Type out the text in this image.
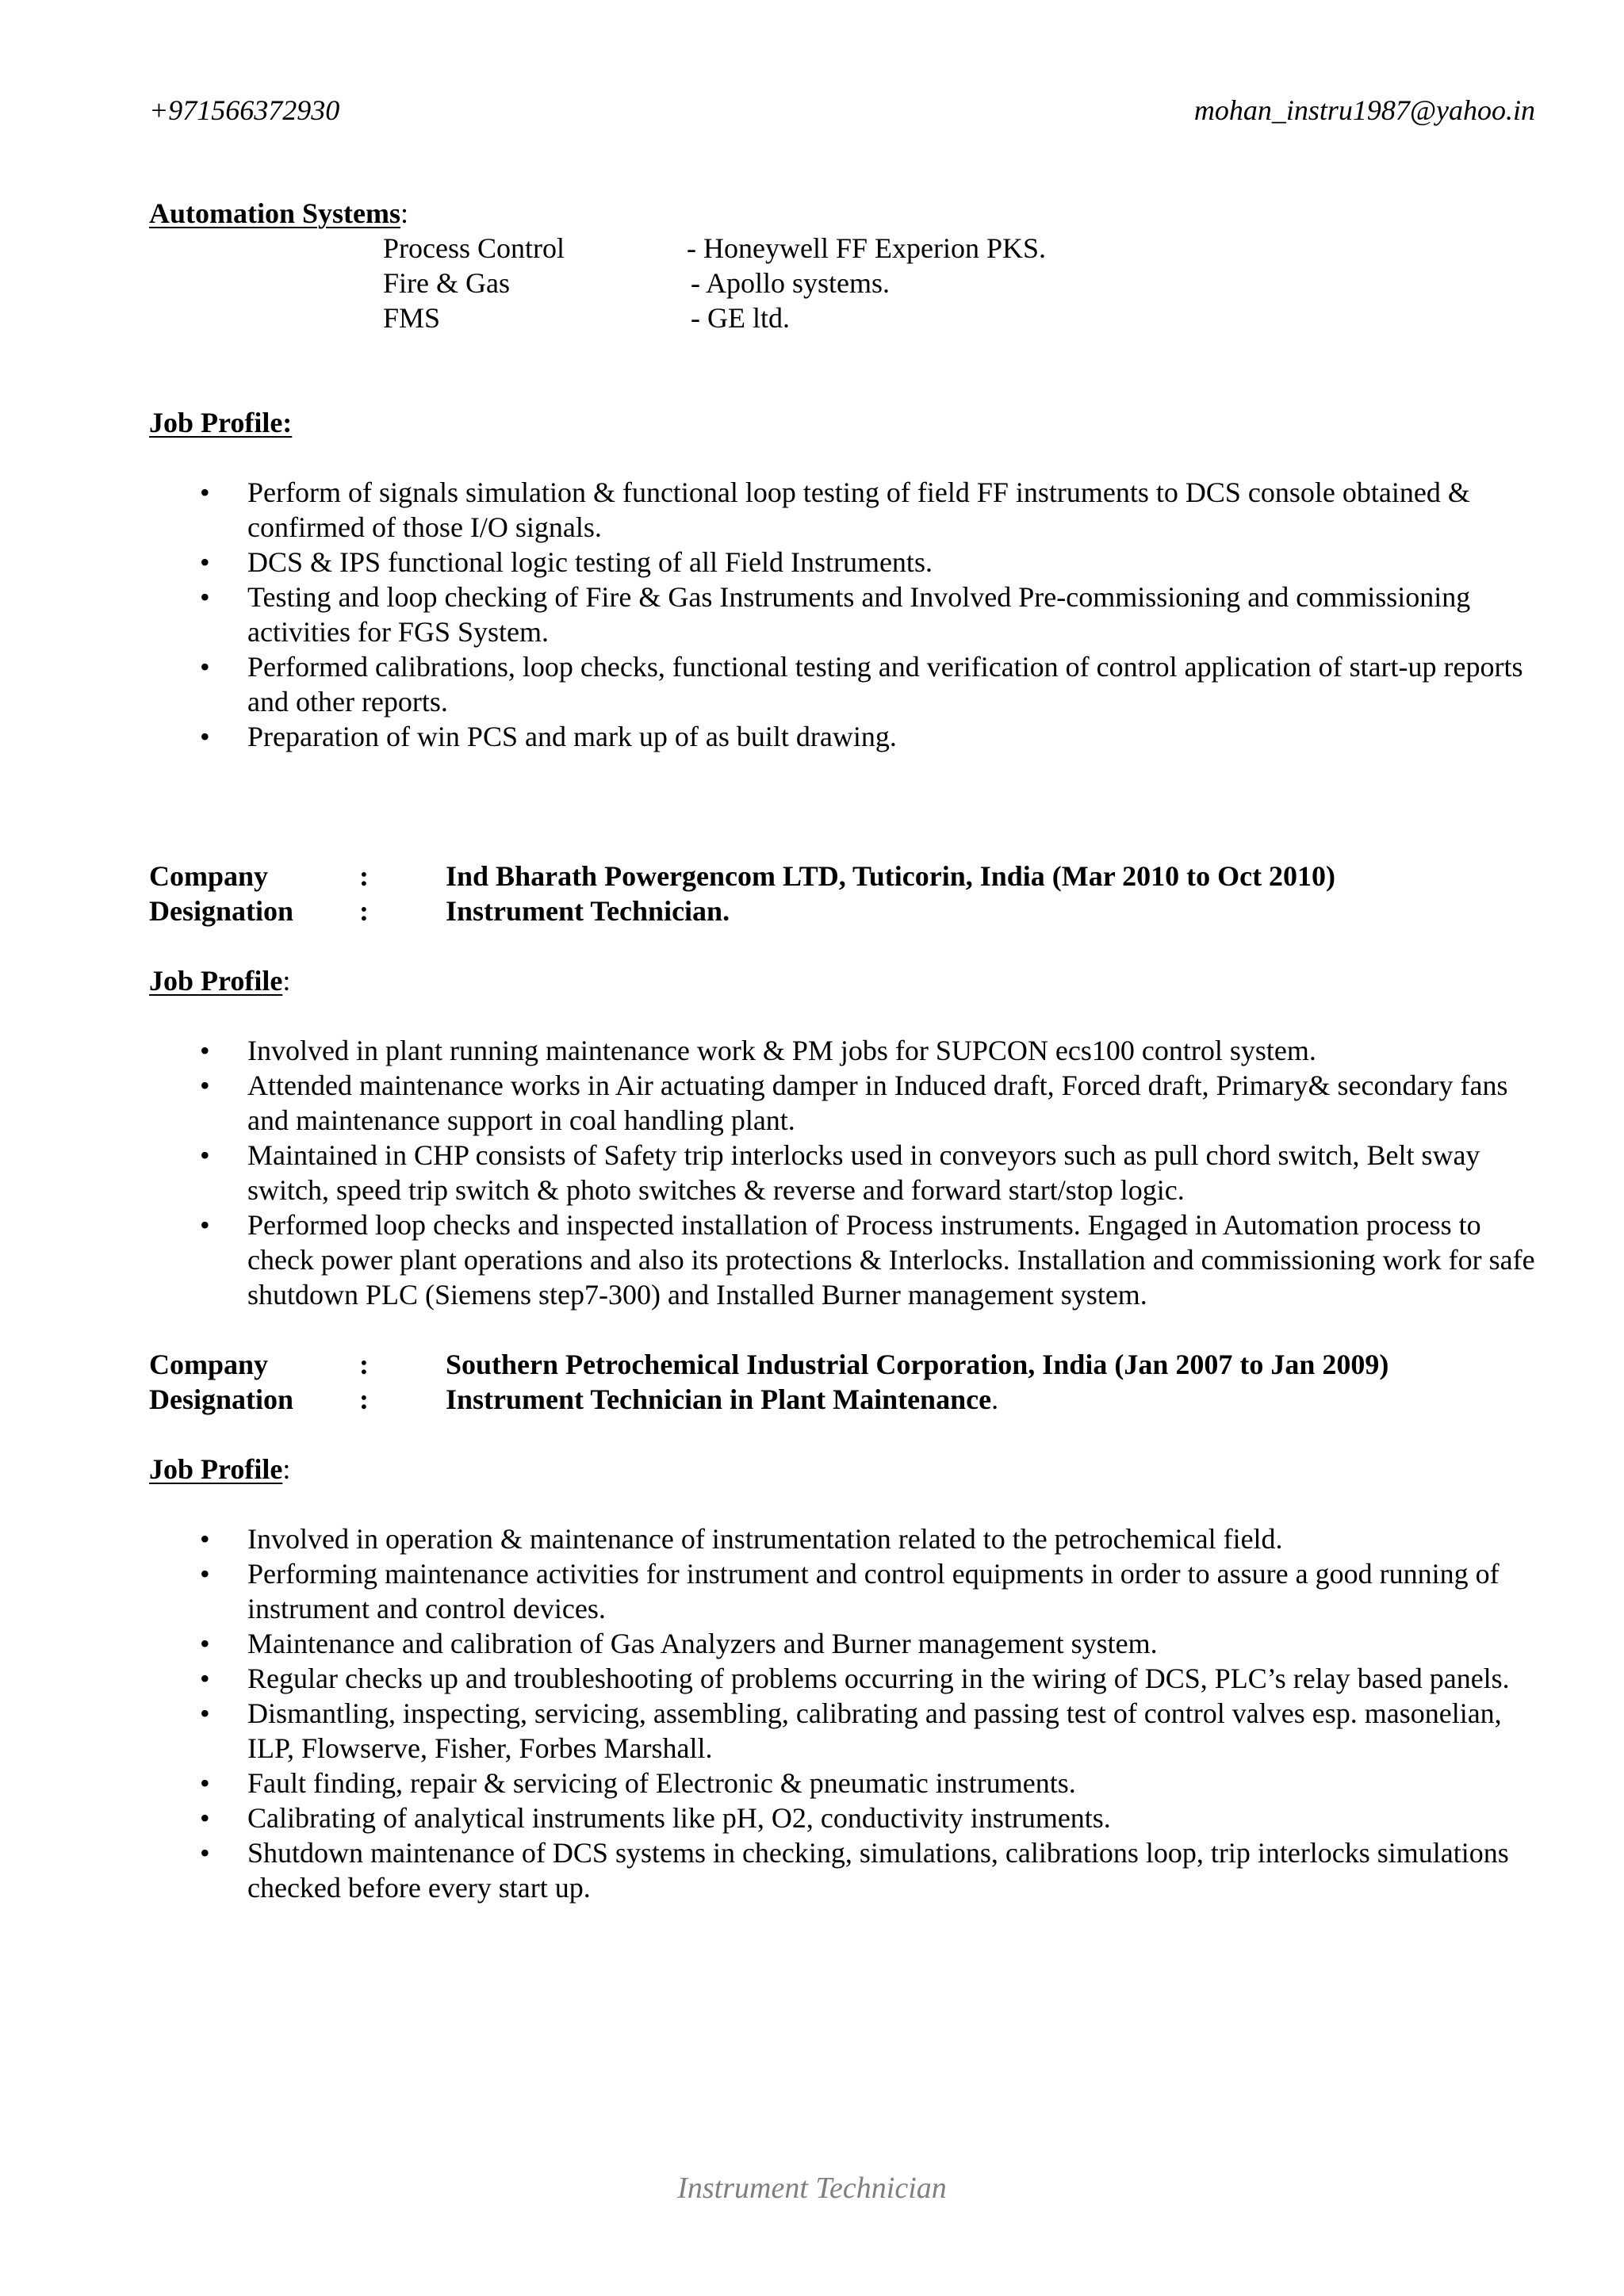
+971566372930	mohan_instru1987@yahoo.in
Automation Systems:
Process Control	- Honeywell FF Experion PKS.
Fire & Gas	- Apollo systems.
FMS	- GE ltd.
Job Profile:
• Perform of signals simulation & functional loop testing of field FF instruments to DCS console obtained & confirmed of those I/O signals.
• DCS & IPS functional logic testing of all Field Instruments.
• Testing and loop checking of Fire & Gas Instruments and Involved Pre-commissioning and commissioning activities for FGS System.
• Performed calibrations, loop checks, functional testing and verification of control application of start-up reports and other reports.
• Preparation of win PCS and mark up of as built drawing.
Company	:	Ind Bharath Powergencom LTD, Tuticorin, India (Mar 2010 to Oct 2010)
Designation	:	Instrument Technician.
Job Profile:
• Involved in plant running maintenance work & PM jobs for SUPCON ecs100 control system.
• Attended maintenance works in Air actuating damper in Induced draft, Forced draft, Primary& secondary fans and maintenance support in coal handling plant.
• Maintained in CHP consists of Safety trip interlocks used in conveyors such as pull chord switch, Belt sway switch, speed trip switch & photo switches & reverse and forward start/stop logic.
• Performed loop checks and inspected installation of Process instruments. Engaged in Automation process to check power plant operations and also its protections & Interlocks. Installation and commissioning work for safe shutdown PLC (Siemens step7-300) and Installed Burner management system.
Company	:	Southern Petrochemical Industrial Corporation, India (Jan 2007 to Jan 2009)
Designation	:	Instrument Technician in Plant Maintenance.
Job Profile:
• Involved in operation & maintenance of instrumentation related to the petrochemical field.
• Performing maintenance activities for instrument and control equipments in order to assure a good running of instrument and control devices.
• Maintenance and calibration of Gas Analyzers and Burner management system.
• Regular checks up and troubleshooting of problems occurring in the wiring of DCS, PLC’s relay based panels.
• Dismantling, inspecting, servicing, assembling, calibrating and passing test of control valves esp. masonelian, ILP, Flowserve, Fisher, Forbes Marshall.
• Fault finding, repair & servicing of Electronic & pneumatic instruments.
• Calibrating of analytical instruments like pH, O2, conductivity instruments.
• Shutdown maintenance of DCS systems in checking, simulations, calibrations loop, trip interlocks simulations checked before every start up.
Instrument Technician
